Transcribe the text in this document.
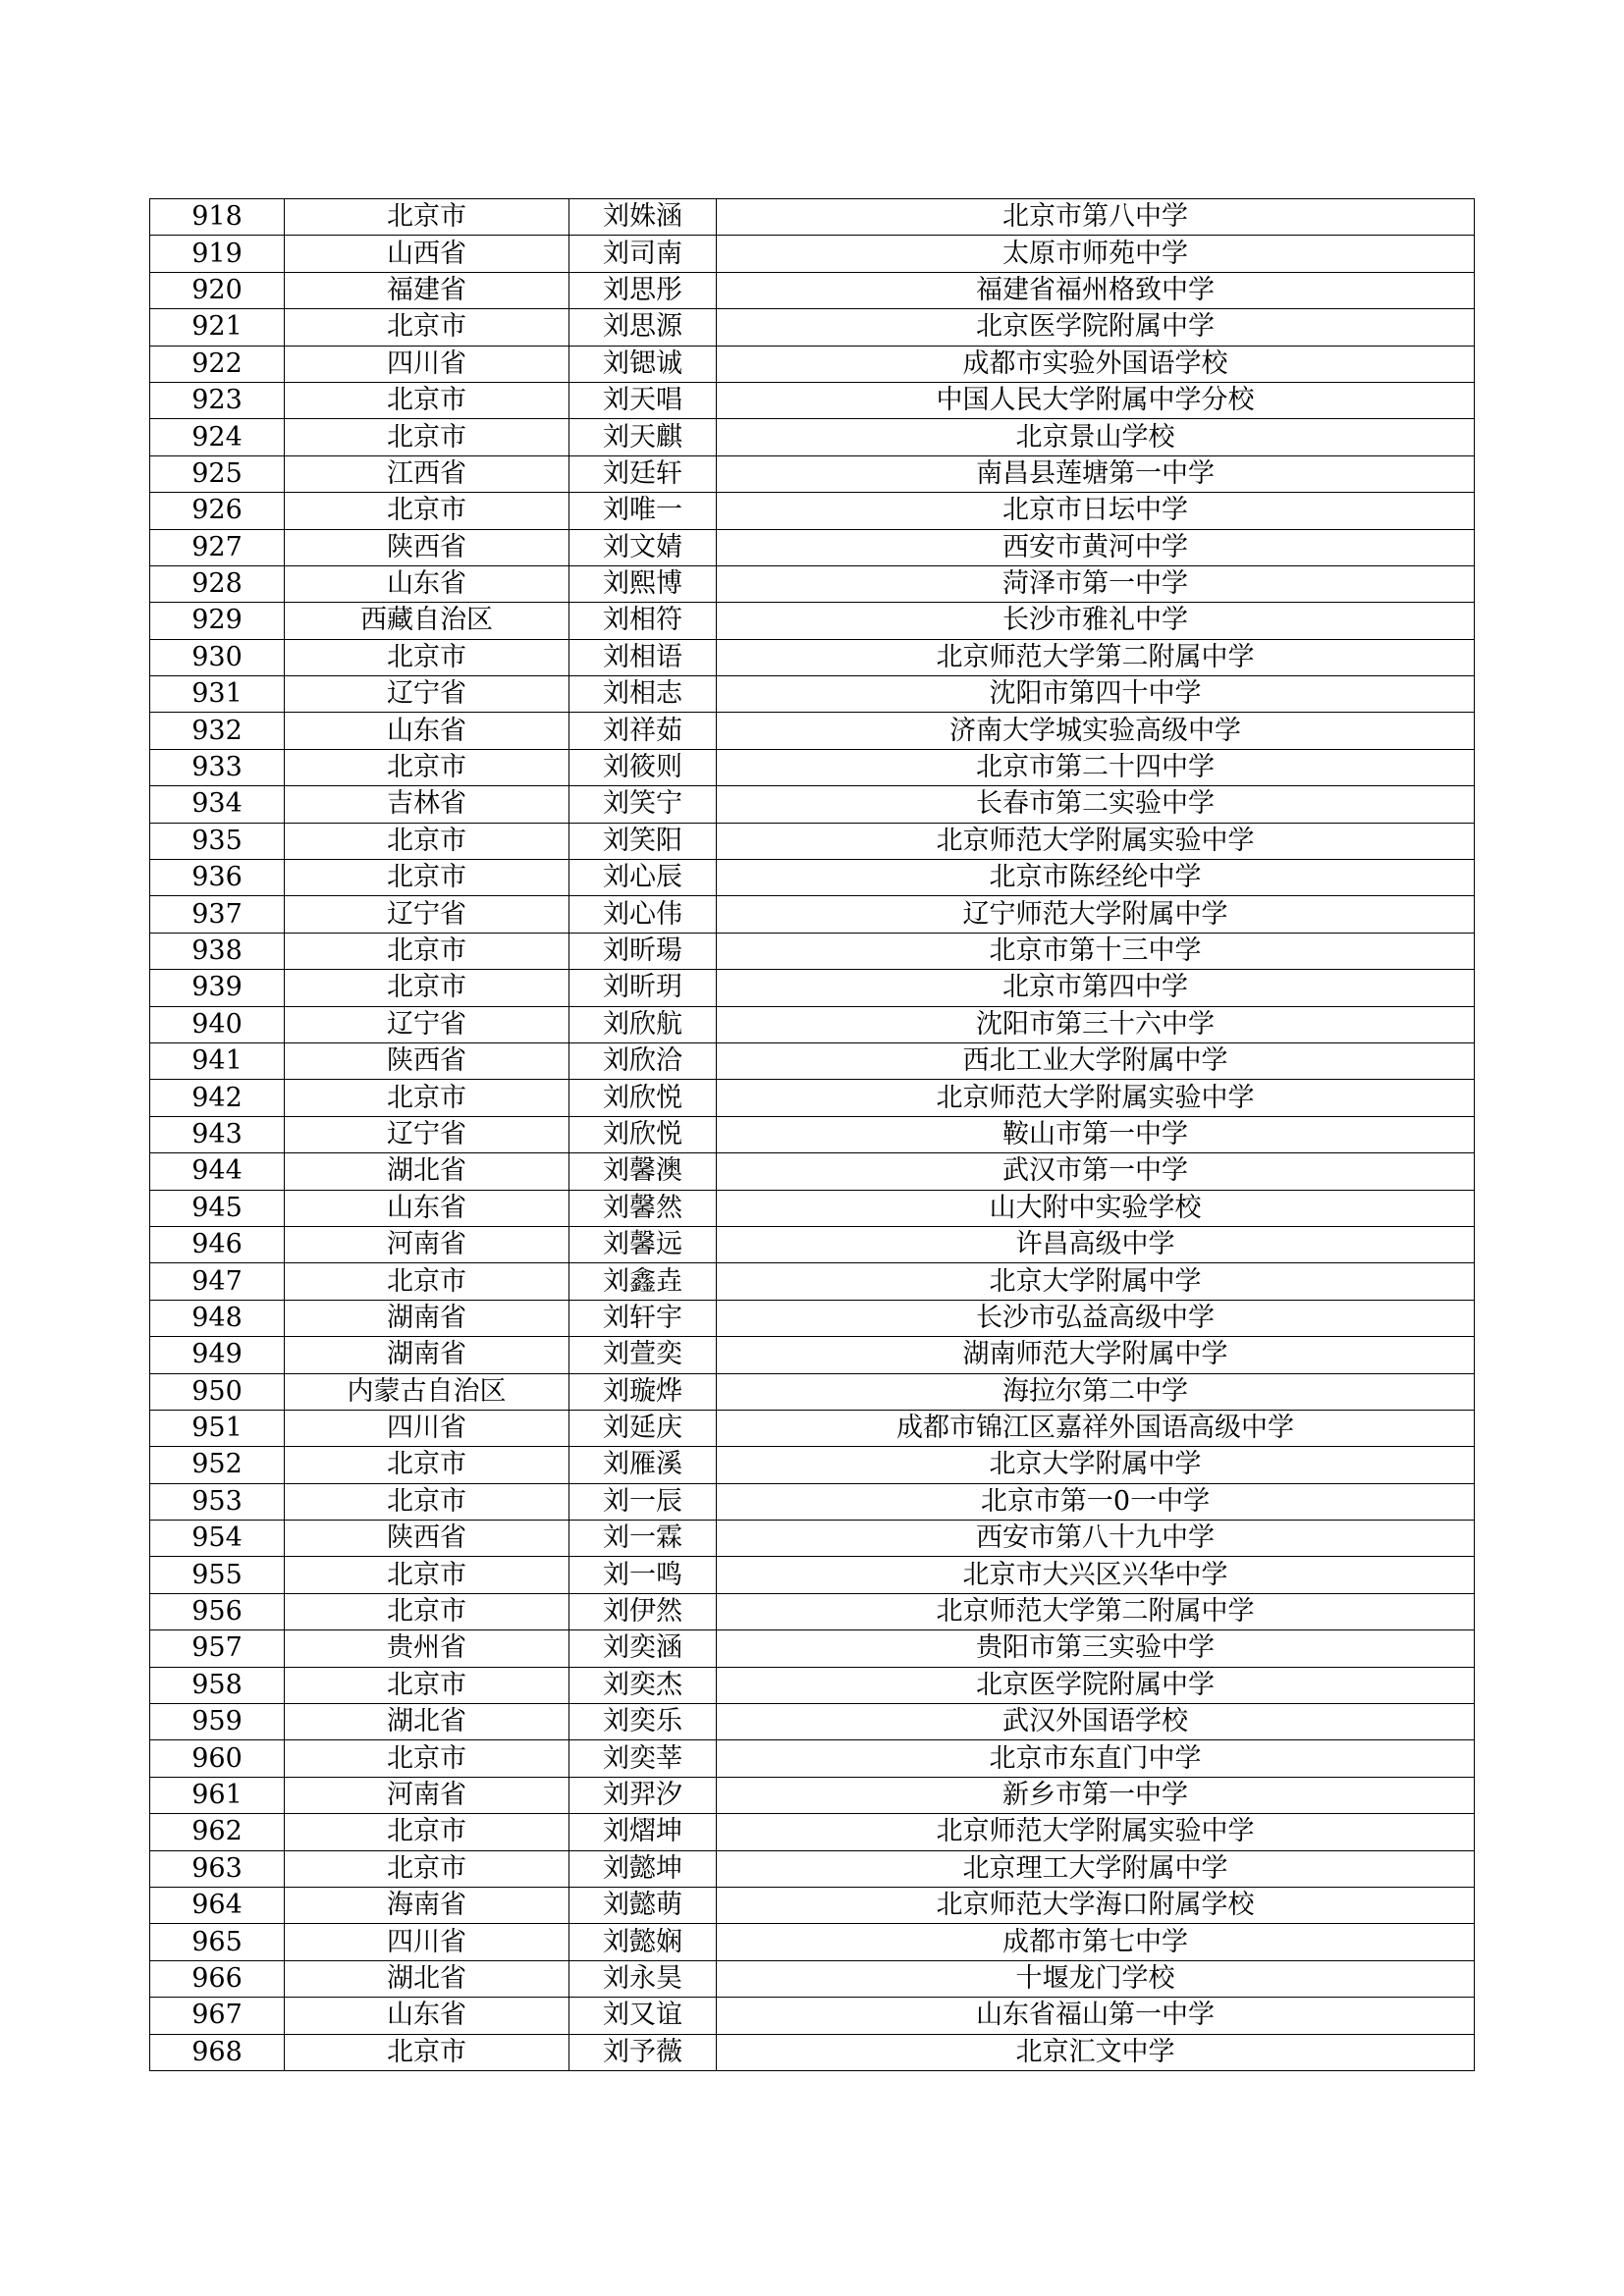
918	北京市	刘姝涵	北京市第八中学
919	山西省	刘司南	太原市师苑中学
920	福建省	刘思彤	福建省福州格致中学
921	北京市	刘思源	北京医学院附属中学
922	四川省	刘锶诚	成都市实验外国语学校
923	北京市	刘天唱	中国人民大学附属中学分校
924	北京市	刘天麒	北京景山学校
925	江西省	刘廷轩	南昌县莲塘第一中学
926	北京市	刘唯一	北京市日坛中学
927	陕西省	刘文婧	西安市黄河中学
928	山东省	刘熙博	菏泽市第一中学
929	西藏自治区	刘相符	长沙市雅礼中学
930	北京市	刘相语	北京师范大学第二附属中学
931	辽宁省	刘相志	沈阳市第四十中学
932	山东省	刘祥茹	济南大学城实验高级中学
933	北京市	刘筱则	北京市第二十四中学
934	吉林省	刘笑宁	长春市第二实验中学
935	北京市	刘笑阳	北京师范大学附属实验中学
936	北京市	刘心辰	北京市陈经纶中学
937	辽宁省	刘心伟	辽宁师范大学附属中学
938	北京市	刘昕瑒	北京市第十三中学
939	北京市	刘昕玥	北京市第四中学
940	辽宁省	刘欣航	沈阳市第三十六中学
941	陕西省	刘欣洽	西北工业大学附属中学
942	北京市	刘欣悦	北京师范大学附属实验中学
943	辽宁省	刘欣悦	鞍山市第一中学
944	湖北省	刘馨澳	武汉市第一中学
945	山东省	刘馨然	山大附中实验学校
946	河南省	刘馨远	许昌高级中学
947	北京市	刘鑫垚	北京大学附属中学
948	湖南省	刘轩宇	长沙市弘益高级中学
949	湖南省	刘萱奕	湖南师范大学附属中学
950	内蒙古自治区	刘璇烨	海拉尔第二中学
951	四川省	刘延庆	成都市锦江区嘉祥外国语高级中学
952	北京市	刘雁溪	北京大学附属中学
953	北京市	刘一辰	北京市第一0一中学
954	陕西省	刘一霖	西安市第八十九中学
955	北京市	刘一鸣	北京市大兴区兴华中学
956	北京市	刘伊然	北京师范大学第二附属中学
957	贵州省	刘奕涵	贵阳市第三实验中学
958	北京市	刘奕杰	北京医学院附属中学
959	湖北省	刘奕乐	武汉外国语学校
960	北京市	刘奕莘	北京市东直门中学
961	河南省	刘羿汐	新乡市第一中学
962	北京市	刘熠坤	北京师范大学附属实验中学
963	北京市	刘懿坤	北京理工大学附属中学
964	海南省	刘懿萌	北京师范大学海口附属学校
965	四川省	刘懿娴	成都市第七中学
966	湖北省	刘永昊	十堰龙门学校
967	山东省	刘又谊	山东省福山第一中学
968	北京市	刘予薇	北京汇文中学
